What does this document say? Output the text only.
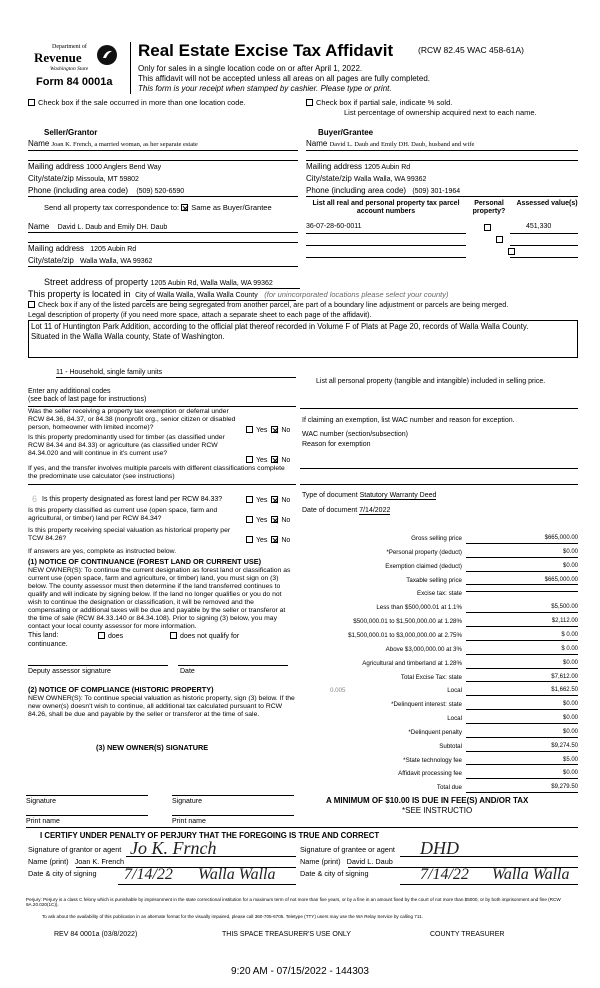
Department of
Revenue
Washington State
Form 84 0001a
Real Estate Excise Tax Affidavit	(RCW 82.45 WAC 458-61A)
Only for sales in a single location code on or after April 1, 2022.
This affidavit will not be accepted unless all areas on all pages are fully completed.
This form is your receipt when stamped by cashier. Please type or print.
Check box if the sale occurred in more than one location code.	Check box if partial sale, indicate % sold.
List percentage of ownership acquired next to each name.
Seller/Grantor
Name Joan K. French, a married woman, as her separate estate
Mailing address 1000 Anglers Bend Way
City/state/zip Missoula, MT 59802
Phone (including area code) (509) 520-6590
Buyer/Grantee
Name David L. Daub and Emily DH. Daub, husband and wife
Mailing address 1205 Aubin Rd
City/state/zip Walla Walla, WA 99362
Phone (including area code) (509) 301-1964
Send all property tax correspondence to: Same as Buyer/Grantee
Name David L. Daub and Emily DH. Daub
Mailing address 1205 Aubin Rd
City/state/zip Walla Walla, WA 99362
List all real and personal property tax parcel account numbers
Personal property?
Assessed value(s)
36-07-28-60-0011
	451,330

Street address of property 1205 Aubin Rd, Walla Walla, WA 99362
This property is located in City of Walla Walla, Walla Walla County (for unincorporated locations please select your county)
Check box if any of the listed parcels are being segregated from another parcel, are part of a boundary line adjustment or parcels are being merged.
Legal description of property (if you need more space, attach a separate sheet to each page of the affidavit).
Lot 11 of Huntington Park Addition, according to the official plat thereof recorded in Volume F of Plats at Page 20, records of Walla Walla County.
Situated in the Walla Walla county, State of Washington.
11 - Household, single family units
Enter any additional codes
(see back of last page for instructions)
Was the seller receiving a property tax exemption or deferral under RCW 84.36, 84.37, or 84.38 (nonprofit org., senior citizen or disabled person, homeowner with limited income)?	Yes No
Is this property predominantly used for timber (as classified under RCW 84.34 and 84.33) or agriculture (as classified under RCW 84.34.020 and will continue in it's current use?
Yes No
If yes, and the transfer involves multiple parcels with different classifications complete the predominate use calculator (see instructions)
6 Is this property designated as forest land per RCW 84.33?	Yes No
Is this property classified as current use (open space, farm and agricultural, or timber) land per RCW 84.34?	Yes No
Is this property receiving special valuation as historical property per TCW 84.26?	Yes No
If answers are yes, complete as instructed below.
(1) NOTICE OF CONTINUANCE (FOREST LAND OR CURRENT USE)
NEW OWNER(S): To continue the current designation as forest land or classification as current use (open space, farm and agriculture, or timber) land, you must sign on (3) below. The county assessor must then determine if the land transferred continues to qualify and will indicate by signing below. If the land no longer qualifies or you do not wish to continue the designation or classification, it will be removed and the compensating or additional taxes will be due and payable by the seller or transferor at the time of sale (RCW 84.33.140 or 84.34.108). Prior to signing (3) below, you may contact your local county assessor for more information.
This land:	does	does not qualify for
continuance.
Deputy assessor signature	Date
(2) NOTICE OF COMPLIANCE (HISTORIC PROPERTY)
NEW OWNER(S): To continue special valuation as historic property, sign (3) below. If the new owner(s) doesn't wish to continue, all additional tax calculated pursuant to RCW 84.26, shall be due and payable by the seller or transferor at the time of sale.
(3) NEW OWNER(S) SIGNATURE
Signature	Signature
Print name	Print name
List all personal property (tangible and intangible) included in selling price.
If claiming an exemption, list WAC number and reason for exception.
WAC number (section/subsection)
Reason for exemption
Type of document Statutory Warranty Deed
Date of document 7/14/2022
Gross selling price	$665,000.00
*Personal property (deduct)	$0.00
Exemption claimed (deduct)	$0.00
Taxable selling price	$665,000.00
Excise tax: state
Less than $500,000.01 at 1.1%	$5,500.00
$500,000.01 to $1,500,000.00 at 1.28%	$2,112.00
$1,500,000.01 to $3,000,000.00 at 2.75%	$ 0.00
Above $3,000,000.00 at 3%	$ 0.00
Agricultural and timberland at 1.28%	$0.00
Total Excise Tax: state	$7,612.00
Local
0.005	$1,662.50
*Delinquent interest: state	$0.00
Local	$0.00
*Delinquent penalty	$0.00
Subtotal	$9,274.50
*State technology fee	$5.00
Affidavit processing fee	$0.00
Total due	$9,279.50
A MINIMUM OF $10.00 IS DUE IN FEE(S) AND/OR TAX
*SEE INSTRUCTIO
I CERTIFY UNDER PENALTY OF PERJURY THAT THE FOREGOING IS TRUE AND CORRECT
Signature of grantor or agent Jo K. Frnch
Name (print) Joan K. French
Date & city of signing 7/14/22 Walla Walla
Signature of grantee or agent DHD
Name (print) David L. Daub
Date & city of signing	7/14/22 Walla Walla
Perjury: Perjury is a class C felony which is punishable by imprisonment in the state correctional institution for a maximum term of not more than five years, or by a fine in an amount fixed by the court of not more than $5000, or by both imprisonment and fine (RCW 9A.20.020(1C)).
To ask about the availability of this publication in an alternate format for the visually impaired, please call 360-705-6705. Teletype (TTY) users may use the WA Relay Service by calling 711.
REV 84 0001a (03/8/2022)	THIS SPACE TREASURER'S USE ONLY	COUNTY TREASURER
9:20 AM - 07/15/2022 - 144303
